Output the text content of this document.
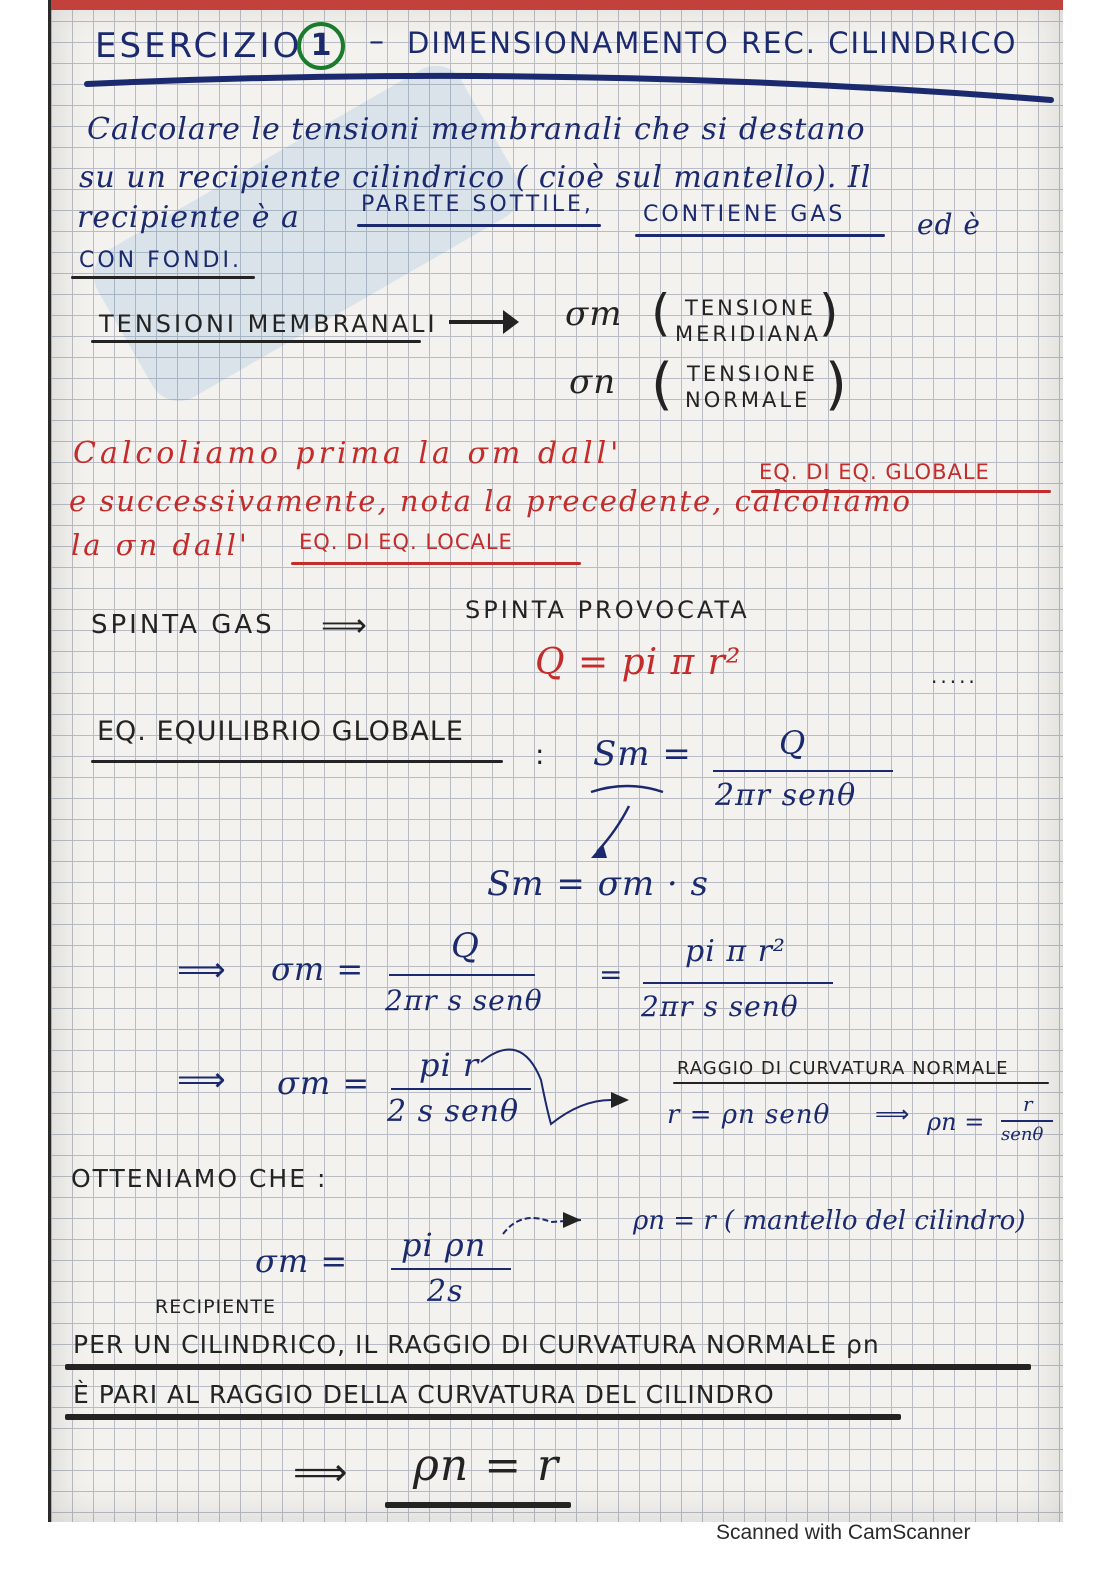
ESERCIZIO 1	– DIMENSIONAMENTO REC. CILINDRICO
Calcolare le tensioni membranali che si destano
su un recipiente cilindrico ( cioè sul mantello). Il
recipiente è a	PARETE SOTTILE, CONTIENE GAS	ed è
CON FONDI.
TENSIONI MEMBRANALI	σm ( TENSIONE
MERIDIANA
)
σn ( TENSIONE
NORMALE )
Calcoliamo prima la σm dall'
EQ. DI EQ. GLOBALE
e successivamente, nota la precedente, calcoliamo
la σn dall' EQ. DI EQ. LOCALE
SPINTA GAS ⟹	SPINTA PROVOCATA
Q = pi π r²	.....
EQ. EQUILIBRIO GLOBALE
: Sm =	Q
2πr senθ
Sm = σm · s
⟹ σm =
Q
2πr s senθ
=
pi π r²
2πr s senθ
⟹ σm = pi r
2 s senθ
RAGGIO DI CURVATURA NORMALE
r = ρn senθ ⟹ ρn =
r
senθ
OTTENIAMO CHE :
σm = pi ρn
2s
ρn = r ( mantello del cilindro)
RECIPIENTE
PER UN CILINDRICO, IL RAGGIO DI CURVATURA NORMALE ρn
È PARI AL RAGGIO DELLA CURVATURA DEL CILINDRO
⟹ ρn = r
Scanned with CamScanner
